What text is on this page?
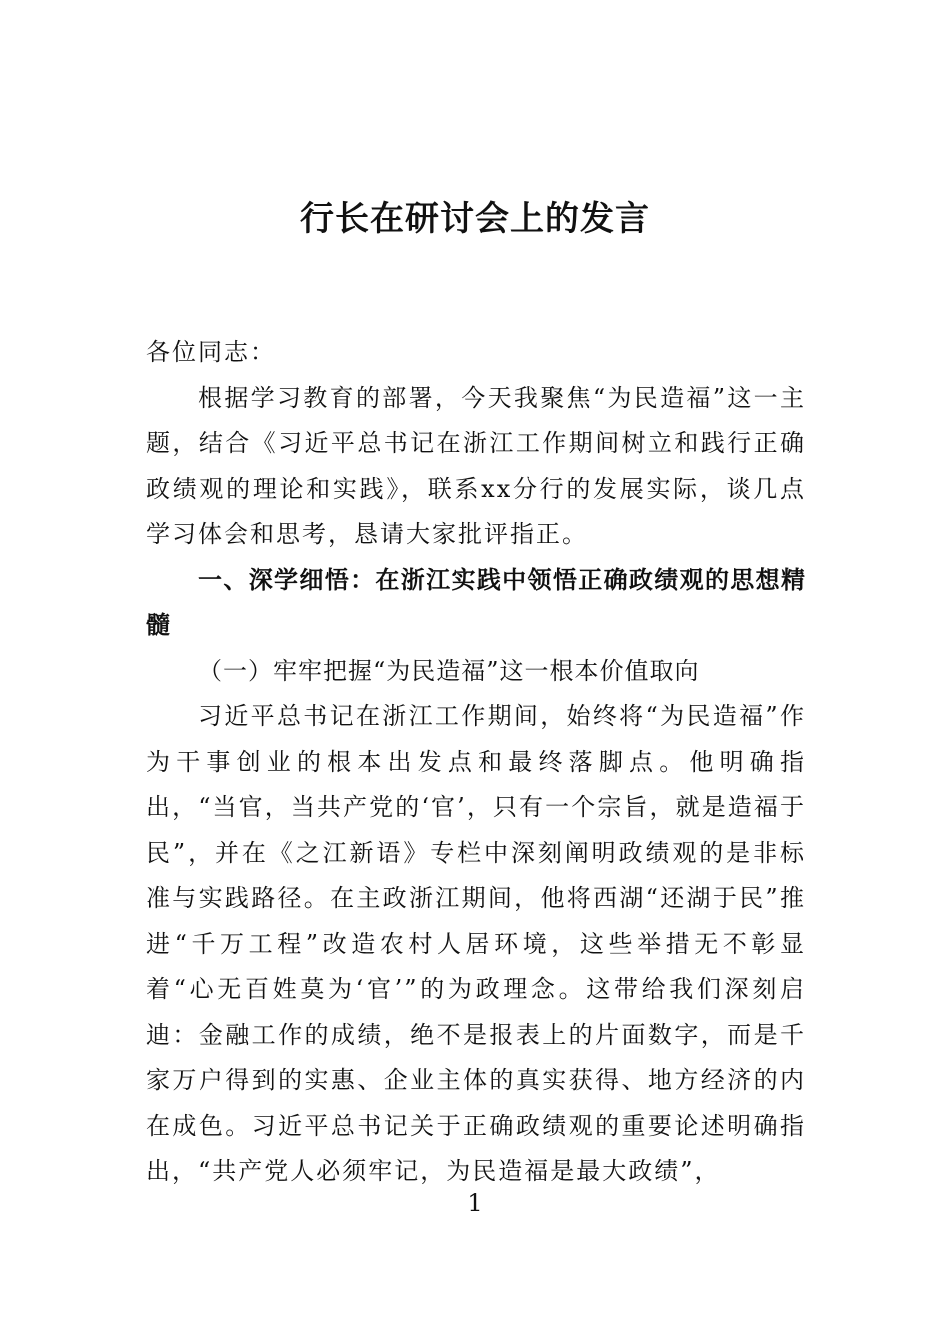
行长在研讨会上的发言

各位同志：

根据学习教育的部署，今天我聚焦“为民造福”这一主题，结合《习近平总书记在浙江工作期间树立和践行正确政绩观的理论和实践》，联系xx分行的发展实际，谈几点学习体会和思考，恳请大家批评指正。

一、深学细悟：在浙江实践中领悟正确政绩观的思想精髓

（一）牢牢把握“为民造福”这一根本价值取向

习近平总书记在浙江工作期间，始终将“为民造福”作为干事创业的根本出发点和最终落脚点。他明确指出，“当官，当共产党的‘官’，只有一个宗旨，就是造福于民”，并在《之江新语》专栏中深刻阐明政绩观的是非标准与实践路径。在主政浙江期间，他将西湖“还湖于民”推进“千万工程”改造农村人居环境，这些举措无不彰显着“心无百姓莫为‘官’”的为政理念。这带给我们深刻启迪：金融工作的成绩，绝不是报表上的片面数字，而是千家万户得到的实惠、企业主体的真实获得、地方经济的内在成色。习近平总书记关于正确政绩观的重要论述明确指出，“共产党人必须牢记，为民造福是最大政绩”，

1
